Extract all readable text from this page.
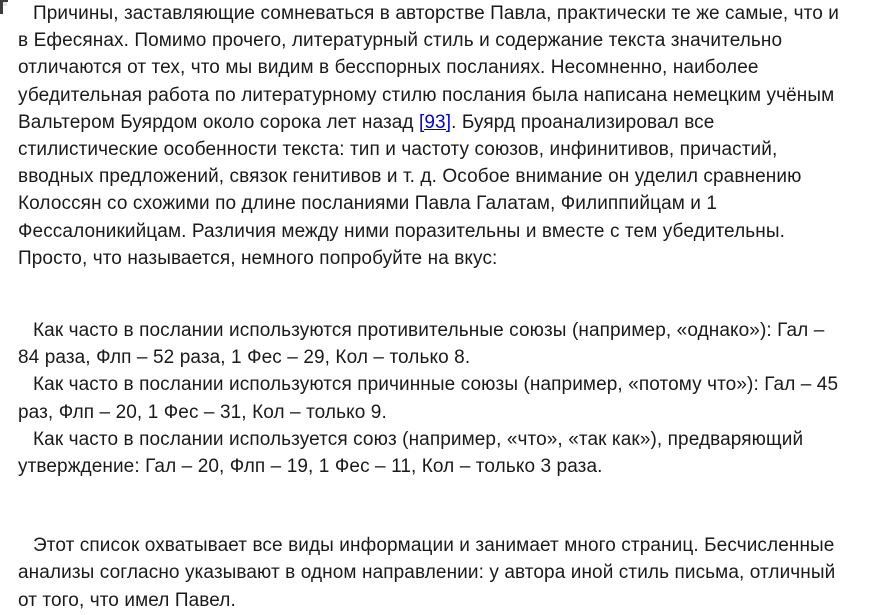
Причины, заставляющие сомневаться в авторстве Павла, практически те же самые, что и в Ефесянах. Помимо прочего, литературный стиль и содержание текста значительно отличаются от тех, что мы видим в бесспорных посланиях. Несомненно, наиболее убедительная работа по литературному стилю послания была написана немецким учёным Вальтером Буярдом около сорока лет назад [93]. Буярд проанализировал все стилистические особенности текста: тип и частоту союзов, инфинитивов, причастий, вводных предложений, связок генитивов и т. д. Особое внимание он уделил сравнению Колоссян со схожими по длине посланиями Павла Галатам, Филиппийцам и 1 Фессалоникийцам. Различия между ними поразительны и вместе с тем убедительны. Просто, что называется, немного попробуйте на вкус:

Как часто в послании используются противительные союзы (например, «однако»): Гал – 84 раза, Флп – 52 раза, 1 Фес – 29, Кол – только 8.

Как часто в послании используются причинные союзы (например, «потому что»): Гал – 45 раз, Флп – 20, 1 Фес – 31, Кол – только 9.

Как часто в послании используется союз (например, «что», «так как»), предваряющий утверждение: Гал – 20, Флп – 19, 1 Фес – 11, Кол – только 3 раза.

Этот список охватывает все виды информации и занимает много страниц. Бесчисленные анализы согласно указывают в одном направлении: у автора иной стиль письма, отличный от того, что имел Павел.
